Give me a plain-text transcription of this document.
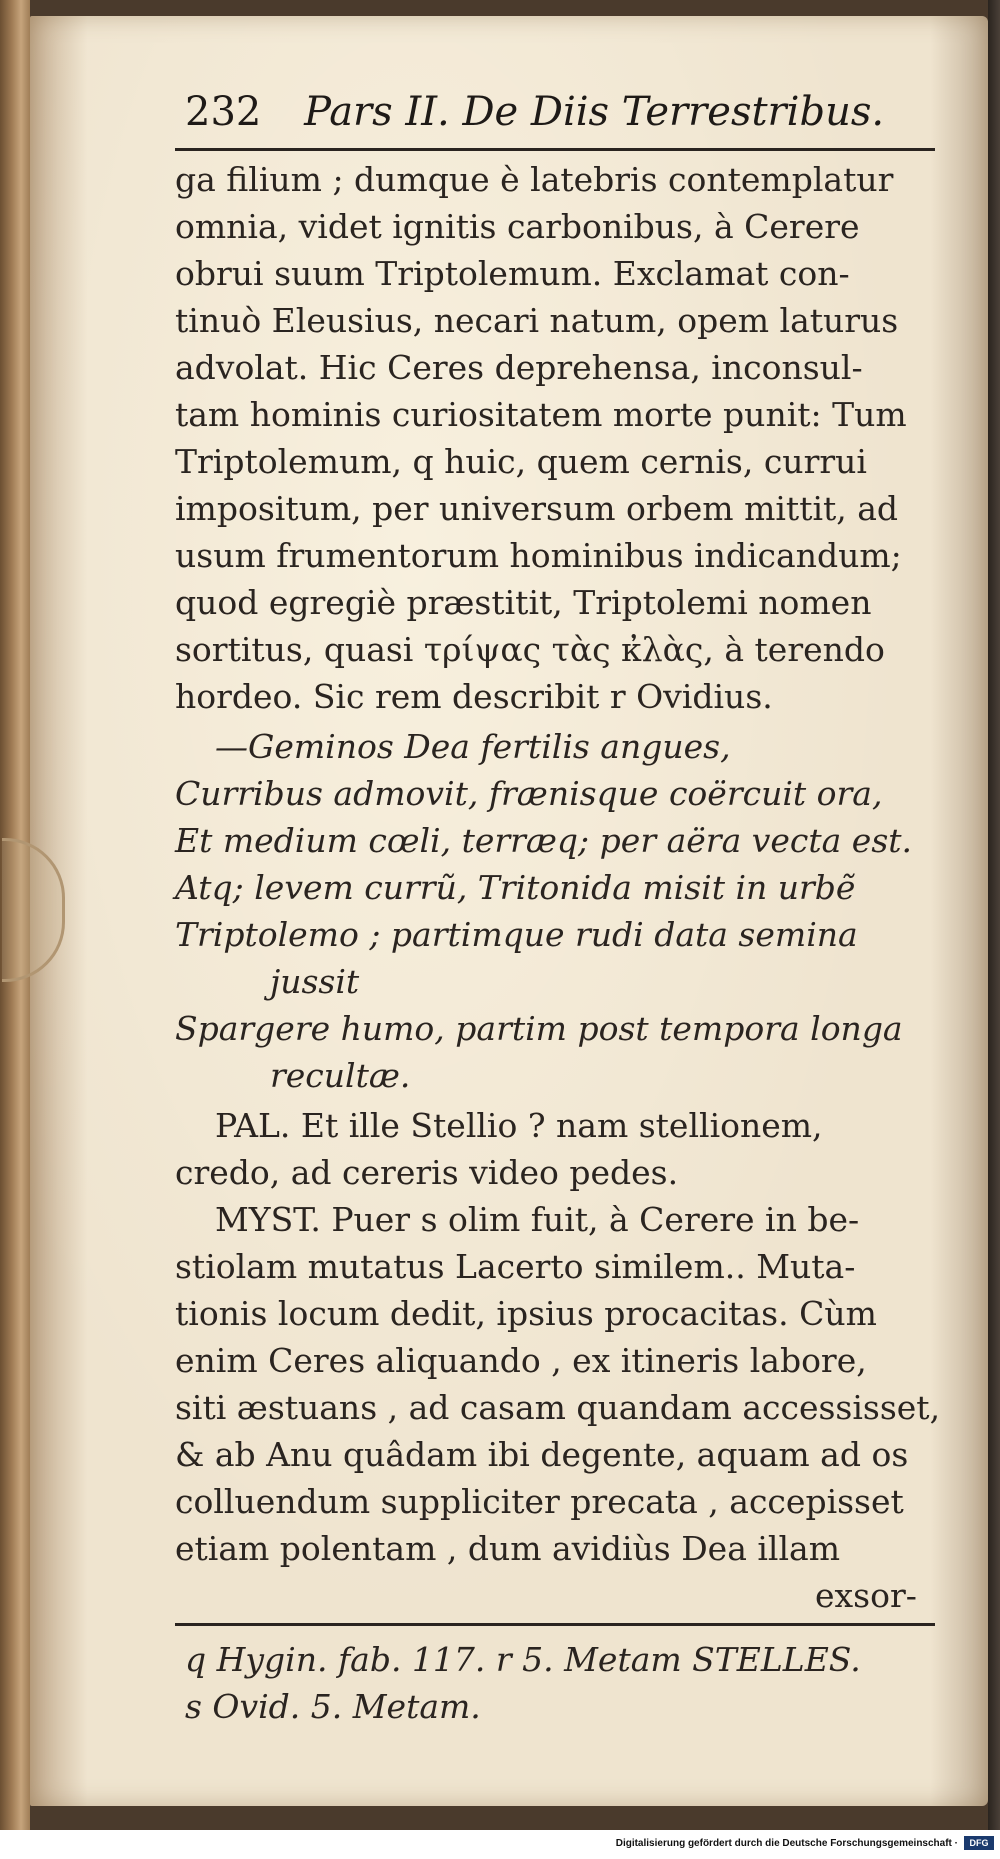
232 Pars II. De Diis Terrestribus.
ga filium ; dumque è latebris contemplatur
omnia, videt ignitis carbonibus, à Cerere
obrui suum Triptolemum. Exclamat con-
tinuò Eleusius, necari natum, opem laturus
advolat. Hic Ceres deprehensa, inconsul-
tam hominis curiositatem morte punit: Tum
Triptolemum, q huic, quem cernis, currui
impositum, per universum orbem mittit, ad
usum frumentorum hominibus indicandum;
quod egregiè præstitit, Triptolemi nomen
sortitus, quasi τρίψας τὰς κ̓λὰς, à terendo
hordeo. Sic rem describit r Ovidius.
—Geminos Dea fertilis angues,
Curribus admovit, frænisque coërcuit ora,
Et medium cœli, terræq; per aëra vecta est.
Atq; levem currũ, Tritonida misit in urbẽ
Triptolemo ; partimque rudi data semina
jussit
Spargere humo, partim post tempora longa
recultæ.
PAL. Et ille Stellio ? nam stellionem,
credo, ad cereris video pedes.
MYST. Puer s olim fuit, à Cerere in be-
stiolam mutatus Lacerto similem.. Muta-
tionis locum dedit, ipsius procacitas. Cùm
enim Ceres aliquando , ex itineris labore,
siti æstuans , ad casam quandam accessisset,
& ab Anu quâdam ibi degente, aquam ad os
colluendum suppliciter precata , accepisset
etiam polentam , dum avidiùs Dea illam
exsor-
q Hygin. fab. 117. r 5. Metam STELLES.
s Ovid. 5. Metam.
Digitalisierung gefördert durch die Deutsche Forschungsgemeinschaft ·	DFG
